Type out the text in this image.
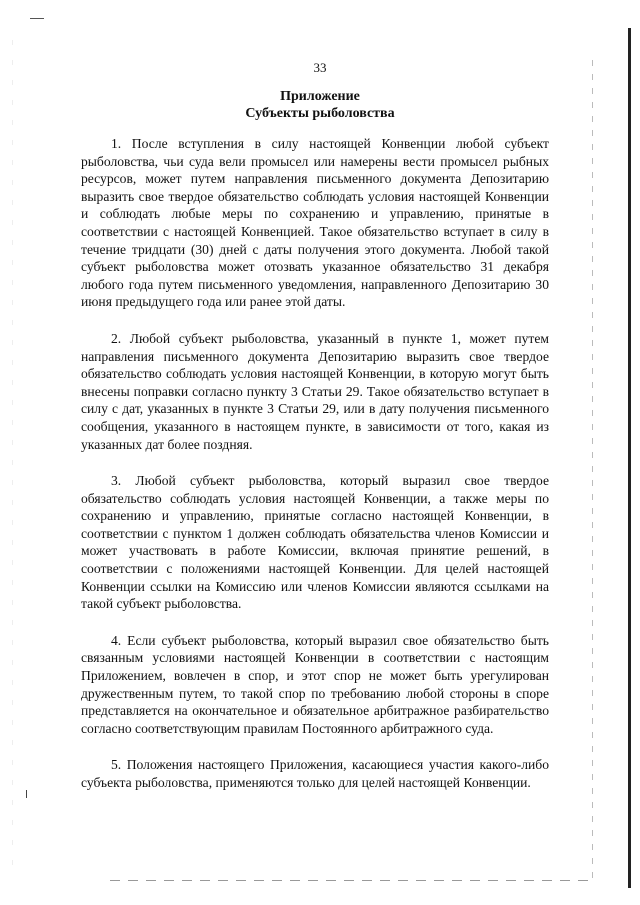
33
Приложение
Субъекты рыболовства

1. После вступления в силу настоящей Конвенции любой субъект рыболовства, чьи суда вели промысел или намерены вести промысел рыбных ресурсов, может путем направления письменного документа Депозитарию выразить свое твердое обязательство соблюдать условия настоящей Конвенции и соблюдать любые меры по сохранению и управлению, принятые в соответствии с настоящей Конвенцией. Такое обязательство вступает в силу в течение тридцати (30) дней с даты получения этого документа. Любой такой субъект рыболовства может отозвать указанное обязательство 31 декабря любого года путем письменного уведомления, направленного Депозитарию 30 июня предыдущего года или ранее этой даты.

2. Любой субъект рыболовства, указанный в пункте 1, может путем направления письменного документа Депозитарию выразить свое твердое обязательство соблюдать условия настоящей Конвенции, в которую могут быть внесены поправки согласно пункту 3 Статьи 29. Такое обязательство вступает в силу с дат, указанных в пункте 3 Статьи 29, или в дату получения письменного сообщения, указанного в настоящем пункте, в зависимости от того, какая из указанных дат более поздняя.

3. Любой субъект рыболовства, который выразил свое твердое обязательство соблюдать условия настоящей Конвенции, а также меры по сохранению и управлению, принятые согласно настоящей Конвенции, в соответствии с пунктом 1 должен соблюдать обязательства членов Комиссии и может участвовать в работе Комиссии, включая принятие решений, в соответствии с положениями настоящей Конвенции. Для целей настоящей Конвенции ссылки на Комиссию или членов Комиссии являются ссылками на такой субъект рыболовства.

4. Если субъект рыболовства, который выразил свое обязательство быть связанным условиями настоящей Конвенции в соответствии с настоящим Приложением, вовлечен в спор, и этот спор не может быть урегулирован дружественным путем, то такой спор по требованию любой стороны в споре представляется на окончательное и обязательное арбитражное разбирательство согласно соответствующим правилам Постоянного арбитражного суда.

5. Положения настоящего Приложения, касающиеся участия какого-либо субъекта рыболовства, применяются только для целей настоящей Конвенции.
